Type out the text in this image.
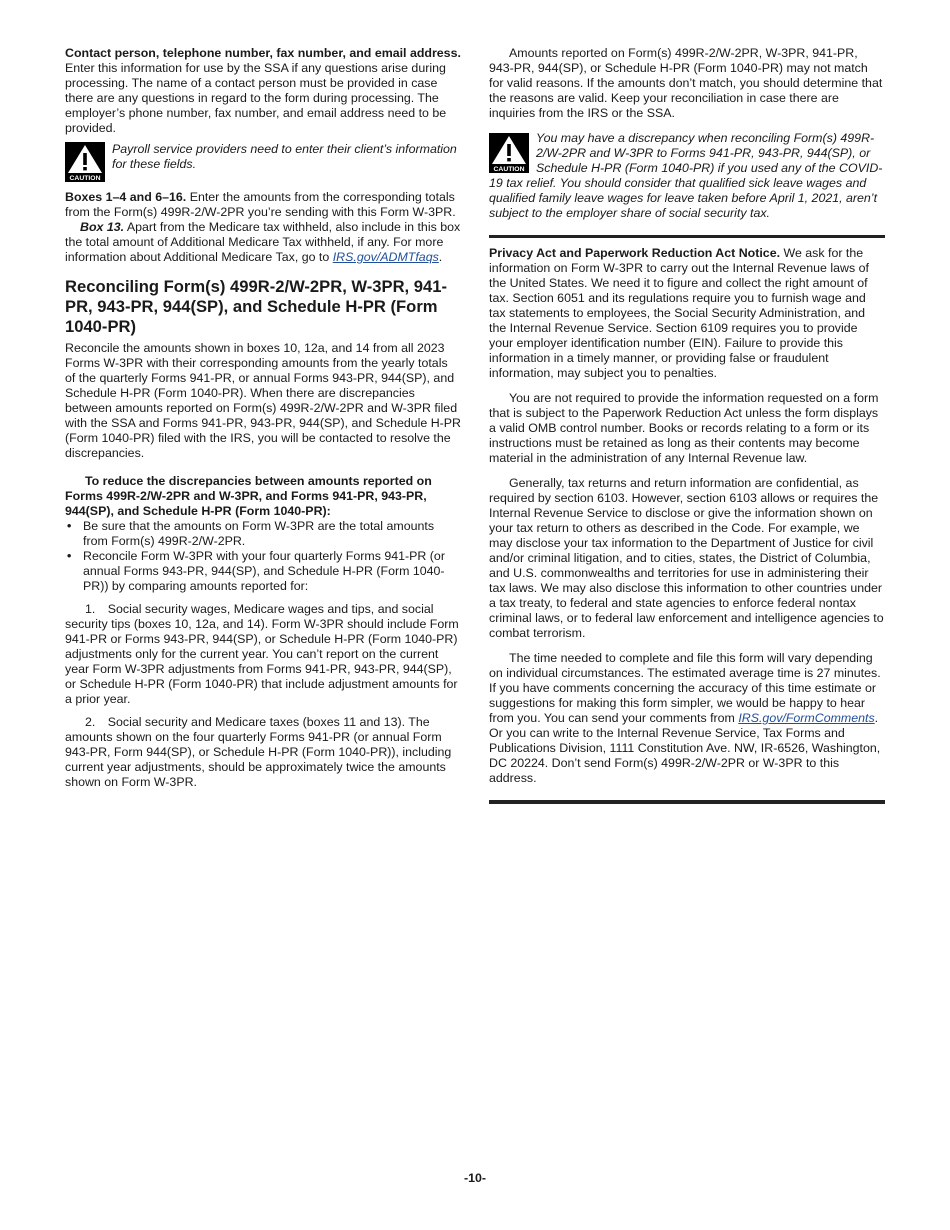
Contact person, telephone number, fax number, and email address. Enter this information for use by the SSA if any questions arise during processing. The name of a contact person must be provided in case there are any questions in regard to the form during processing. The employer’s phone number, fax number, and email address need to be provided.

CAUTION
Payroll service providers need to enter their client’s information for these fields.

Boxes 1–4 and 6–16. Enter the amounts from the corresponding totals from the Form(s) 499R-2/W-2PR you’re sending with this Form W-3PR.

Box 13. Apart from the Medicare tax withheld, also include in this box the total amount of Additional Medicare Tax withheld, if any. For more information about Additional Medicare Tax, go to IRS.gov/ADMTfaqs.

Reconciling Form(s) 499R-2/W-2PR, W-3PR, 941-PR, 943-PR, 944(SP), and Schedule H-PR (Form 1040-PR)

Reconcile the amounts shown in boxes 10, 12a, and 14 from all 2023 Forms W-3PR with their corresponding amounts from the yearly totals of the quarterly Forms 941-PR, or annual Forms 943-PR, 944(SP), and Schedule H-PR (Form 1040-PR). When there are discrepancies between amounts reported on Form(s) 499R-2/W-2PR and W-3PR filed with the SSA and Forms 941-PR, 943-PR, 944(SP), and Schedule H-PR (Form 1040-PR) filed with the IRS, you will be contacted to resolve the discrepancies.

To reduce the discrepancies between amounts reported on Forms 499R-2/W-2PR and W-3PR, and Forms 941-PR, 943-PR, 944(SP), and Schedule H-PR (Form 1040-PR):

• Be sure that the amounts on Form W-3PR are the total amounts from Form(s) 499R-2/W-2PR.
• Reconcile Form W-3PR with your four quarterly Forms 941-PR (or annual Forms 943-PR, 944(SP), and Schedule H-PR (Form 1040-PR)) by comparing amounts reported for:

1. Social security wages, Medicare wages and tips, and social security tips (boxes 10, 12a, and 14). Form W-3PR should include Form 941-PR or Forms 943-PR, 944(SP), or Schedule H-PR (Form 1040-PR) adjustments only for the current year. You can’t report on the current year Form W-3PR adjustments from Forms 941-PR, 943-PR, 944(SP), or Schedule H-PR (Form 1040-PR) that include adjustment amounts for a prior year.

2. Social security and Medicare taxes (boxes 11 and 13). The amounts shown on the four quarterly Forms 941-PR (or annual Form 943-PR, Form 944(SP), or Schedule H-PR (Form 1040-PR)), including current year adjustments, should be approximately twice the amounts shown on Form W-3PR.

Amounts reported on Form(s) 499R-2/W-2PR, W-3PR, 941-PR, 943-PR, 944(SP), or Schedule H-PR (Form 1040-PR) may not match for valid reasons. If the amounts don’t match, you should determine that the reasons are valid. Keep your reconciliation in case there are inquiries from the IRS or the SSA.

CAUTION
You may have a discrepancy when reconciling Form(s) 499R-2/W-2PR and W-3PR to Forms 941-PR, 943-PR, 944(SP), or Schedule H-PR (Form 1040-PR) if you used any of the COVID-19 tax relief. You should consider that qualified sick leave wages and qualified family leave wages for leave taken before April 1, 2021, aren’t subject to the employer share of social security tax.

Privacy Act and Paperwork Reduction Act Notice. We ask for the information on Form W-3PR to carry out the Internal Revenue laws of the United States. We need it to figure and collect the right amount of tax. Section 6051 and its regulations require you to furnish wage and tax statements to employees, the Social Security Administration, and the Internal Revenue Service. Section 6109 requires you to provide your employer identification number (EIN). Failure to provide this information in a timely manner, or providing false or fraudulent information, may subject you to penalties.

You are not required to provide the information requested on a form that is subject to the Paperwork Reduction Act unless the form displays a valid OMB control number. Books or records relating to a form or its instructions must be retained as long as their contents may become material in the administration of any Internal Revenue law.

Generally, tax returns and return information are confidential, as required by section 6103. However, section 6103 allows or requires the Internal Revenue Service to disclose or give the information shown on your tax return to others as described in the Code. For example, we may disclose your tax information to the Department of Justice for civil and/or criminal litigation, and to cities, states, the District of Columbia, and U.S. commonwealths and territories for use in administering their tax laws. We may also disclose this information to other countries under a tax treaty, to federal and state agencies to enforce federal nontax criminal laws, or to federal law enforcement and intelligence agencies to combat terrorism.

The time needed to complete and file this form will vary depending on individual circumstances. The estimated average time is 27 minutes. If you have comments concerning the accuracy of this time estimate or suggestions for making this form simpler, we would be happy to hear from you. You can send your comments from IRS.gov/FormComments. Or you can write to the Internal Revenue Service, Tax Forms and Publications Division, 1111 Constitution Ave. NW, IR-6526, Washington, DC 20224. Don’t send Form(s) 499R-2/W-2PR or W-3PR to this address.

-10-
